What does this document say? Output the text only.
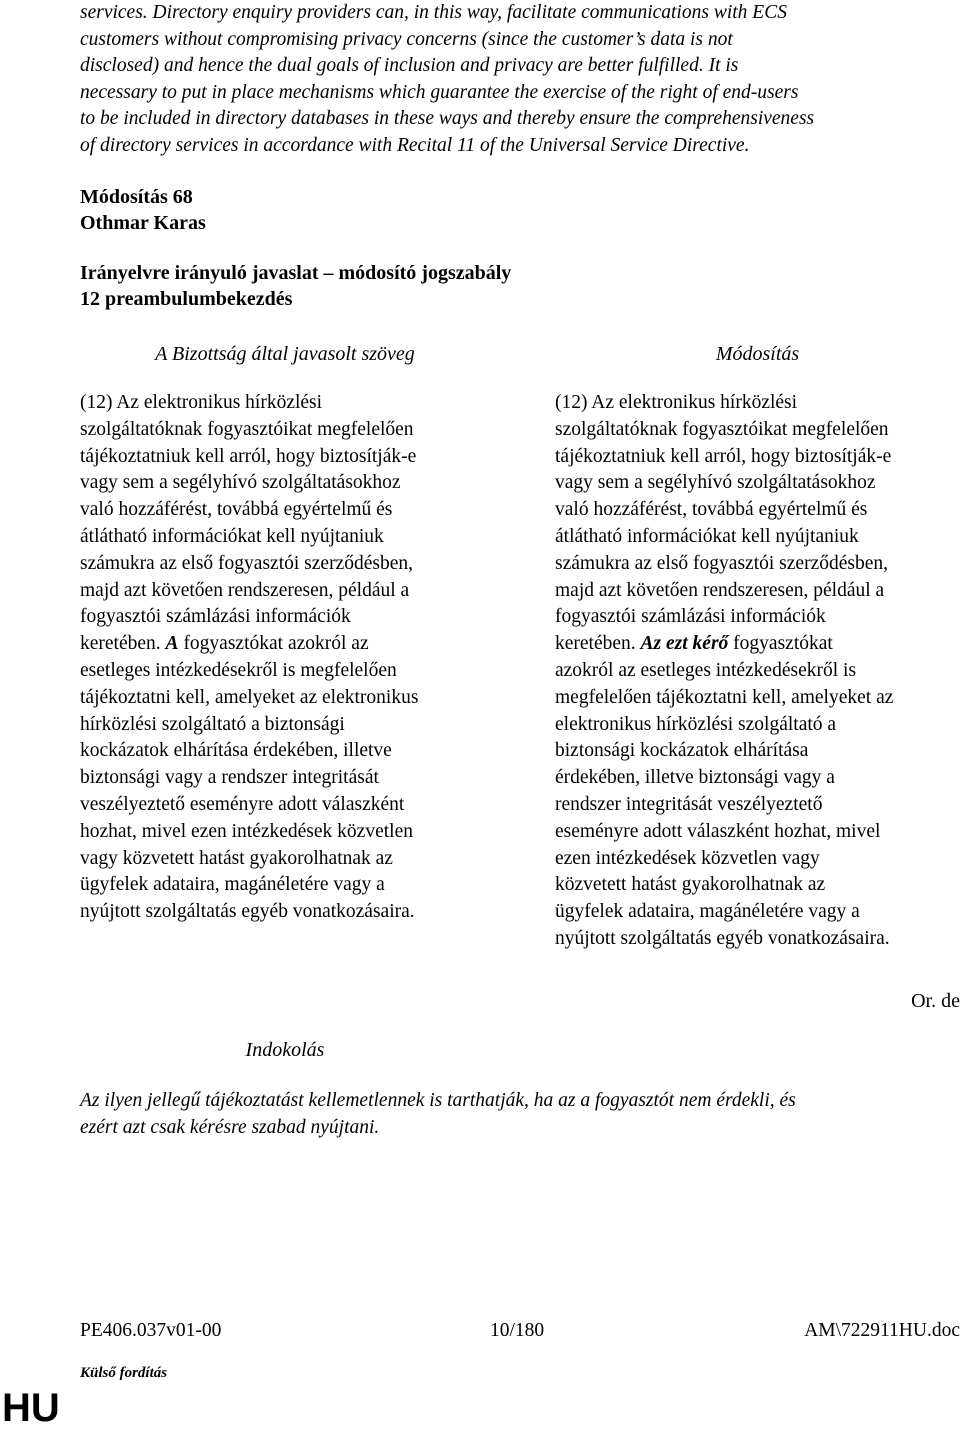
services. Directory enquiry providers can, in this way, facilitate communications with ECS
customers without compromising privacy concerns (since the customer’s data is not
disclosed) and hence the dual goals of inclusion and privacy are better fulfilled. It is
necessary to put in place mechanisms which guarantee the exercise of the right of end-users
to be included in directory databases in these ways and thereby ensure the comprehensiveness
of directory services in accordance with Recital 11 of the Universal Service Directive.
Módosítás 68
Othmar Karas
Irányelvre irányuló javaslat – módosító jogszabály
12 preambulumbekezdés
A Bizottság által javasolt szöveg	Módosítás
(12) Az elektronikus hírközlési
szolgáltatóknak fogyasztóikat megfelelően
tájékoztatniuk kell arról, hogy biztosítják-e
vagy sem a segélyhívó szolgáltatásokhoz
való hozzáférést, továbbá egyértelmű és
átlátható információkat kell nyújtaniuk
számukra az első fogyasztói szerződésben,
majd azt követően rendszeresen, például a
fogyasztói számlázási információk
keretében. A fogyasztókat azokról az
esetleges intézkedésekről is megfelelően
tájékoztatni kell, amelyeket az elektronikus
hírközlési szolgáltató a biztonsági
kockázatok elhárítása érdekében, illetve
biztonsági vagy a rendszer integritását
veszélyeztető eseményre adott válaszként
hozhat, mivel ezen intézkedések közvetlen
vagy közvetett hatást gyakorolhatnak az
ügyfelek adataira, magánéletére vagy a
nyújtott szolgáltatás egyéb vonatkozásaira.
(12) Az elektronikus hírközlési
szolgáltatóknak fogyasztóikat megfelelően
tájékoztatniuk kell arról, hogy biztosítják-e
vagy sem a segélyhívó szolgáltatásokhoz
való hozzáférést, továbbá egyértelmű és
átlátható információkat kell nyújtaniuk
számukra az első fogyasztói szerződésben,
majd azt követően rendszeresen, például a
fogyasztói számlázási információk
keretében. Az ezt kérő fogyasztókat
azokról az esetleges intézkedésekről is
megfelelően tájékoztatni kell, amelyeket az
elektronikus hírközlési szolgáltató a
biztonsági kockázatok elhárítása
érdekében, illetve biztonsági vagy a
rendszer integritását veszélyeztető
eseményre adott válaszként hozhat, mivel
ezen intézkedések közvetlen vagy
közvetett hatást gyakorolhatnak az
ügyfelek adataira, magánéletére vagy a
nyújtott szolgáltatás egyéb vonatkozásaira.
Or. de
Indokolás
Az ilyen jellegű tájékoztatást kellemetlennek is tarthatják, ha az a fogyasztót nem érdekli, és
ezért azt csak kérésre szabad nyújtani.
PE406.037v01-00	10/180	AM\722911HU.doc
Külső fordítás
HU
